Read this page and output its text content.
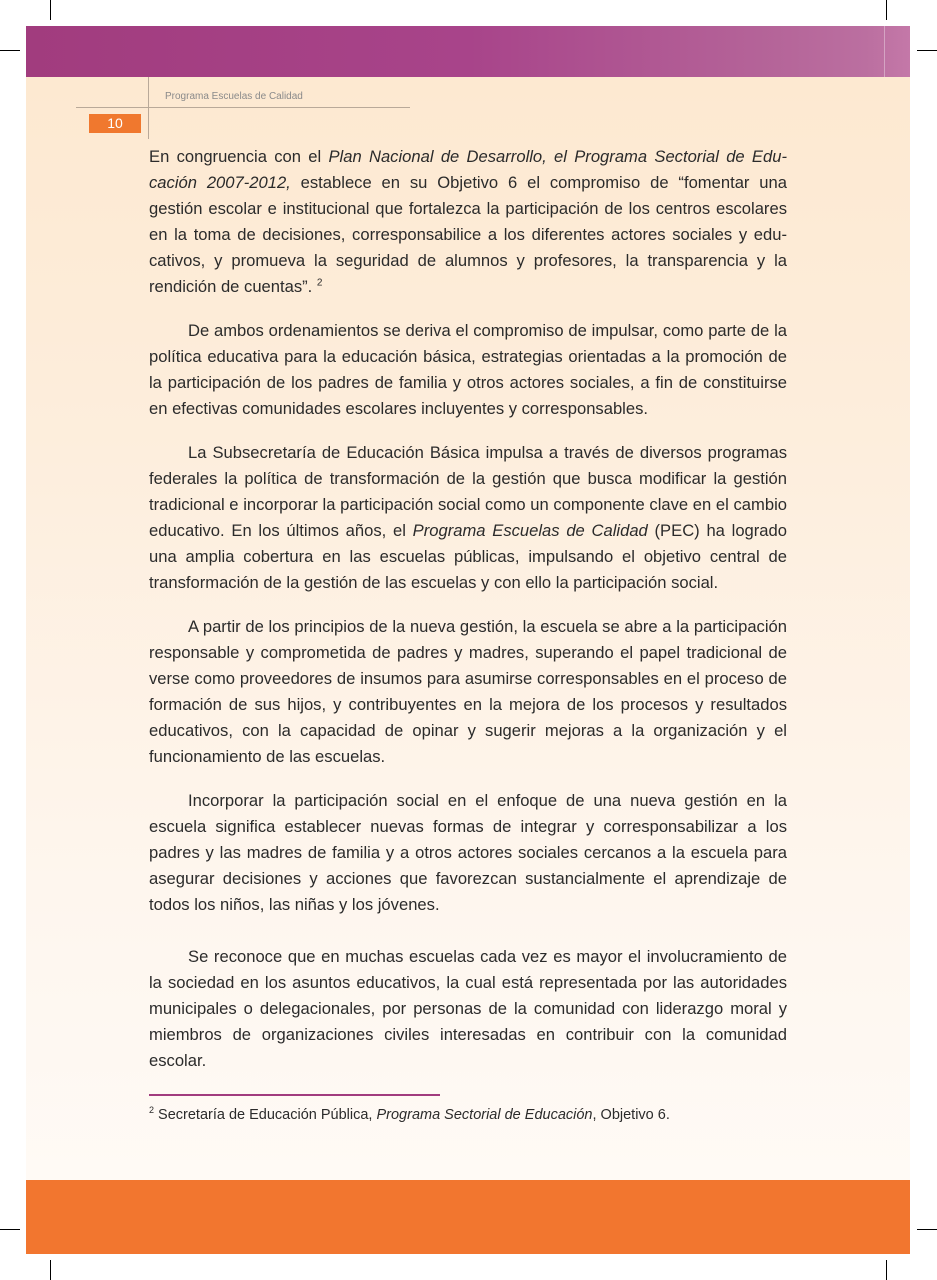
Programa Escuelas de Calidad
10

En congruencia con el Plan Nacional de Desarrollo, el Programa Sectorial de Educación 2007-2012, establece en su Objetivo 6 el compromiso de “fomentar una gestión escolar e institucional que fortalezca la participación de los centros escolares en la toma de decisiones, corresponsabilice a los diferentes actores sociales y educativos, y promueva la seguridad de alumnos y profesores, la transparencia y la rendición de cuentas”. $^2$

De ambos ordenamientos se deriva el compromiso de impulsar, como parte de la política educativa para la educación básica, estrategias orientadas a la promoción de la participación de los padres de familia y otros actores sociales, a fin de constituirse en efectivas comunidades escolares incluyentes y corresponsables.

La Subsecretaría de Educación Básica impulsa a través de diversos programas federales la política de transformación de la gestión que busca modificar la gestión tradicional e incorporar la participación social como un componente clave en el cambio educativo. En los últimos años, el Programa Escuelas de Calidad (PEC) ha logrado una amplia cobertura en las escuelas públicas, impulsando el objetivo central de transformación de la gestión de las escuelas y con ello la participación social.

A partir de los principios de la nueva gestión, la escuela se abre a la participación responsable y comprometida de padres y madres, superando el papel tradicional de verse como proveedores de insumos para asumirse corresponsables en el proceso de formación de sus hijos, y contribuyentes en la mejora de los procesos y resultados educativos, con la capacidad de opinar y sugerir mejoras a la organización y el funcionamiento de las escuelas.

Incorporar la participación social en el enfoque de una nueva gestión en la escuela significa establecer nuevas formas de integrar y corresponsabilizar a los padres y las madres de familia y a otros actores sociales cercanos a la escuela para asegurar decisiones y acciones que favorezcan sustancialmente el aprendizaje de todos los niños, las niñas y los jóvenes.

Se reconoce que en muchas escuelas cada vez es mayor el involucramiento de la sociedad en los asuntos educativos, la cual está representada por las autoridades municipales o delegacionales, por personas de la comunidad con liderazgo moral y miembros de organizaciones civiles interesadas en contribuir con la comunidad escolar.

$^2$ Secretaría de Educación Pública, Programa Sectorial de Educación, Objetivo 6.
